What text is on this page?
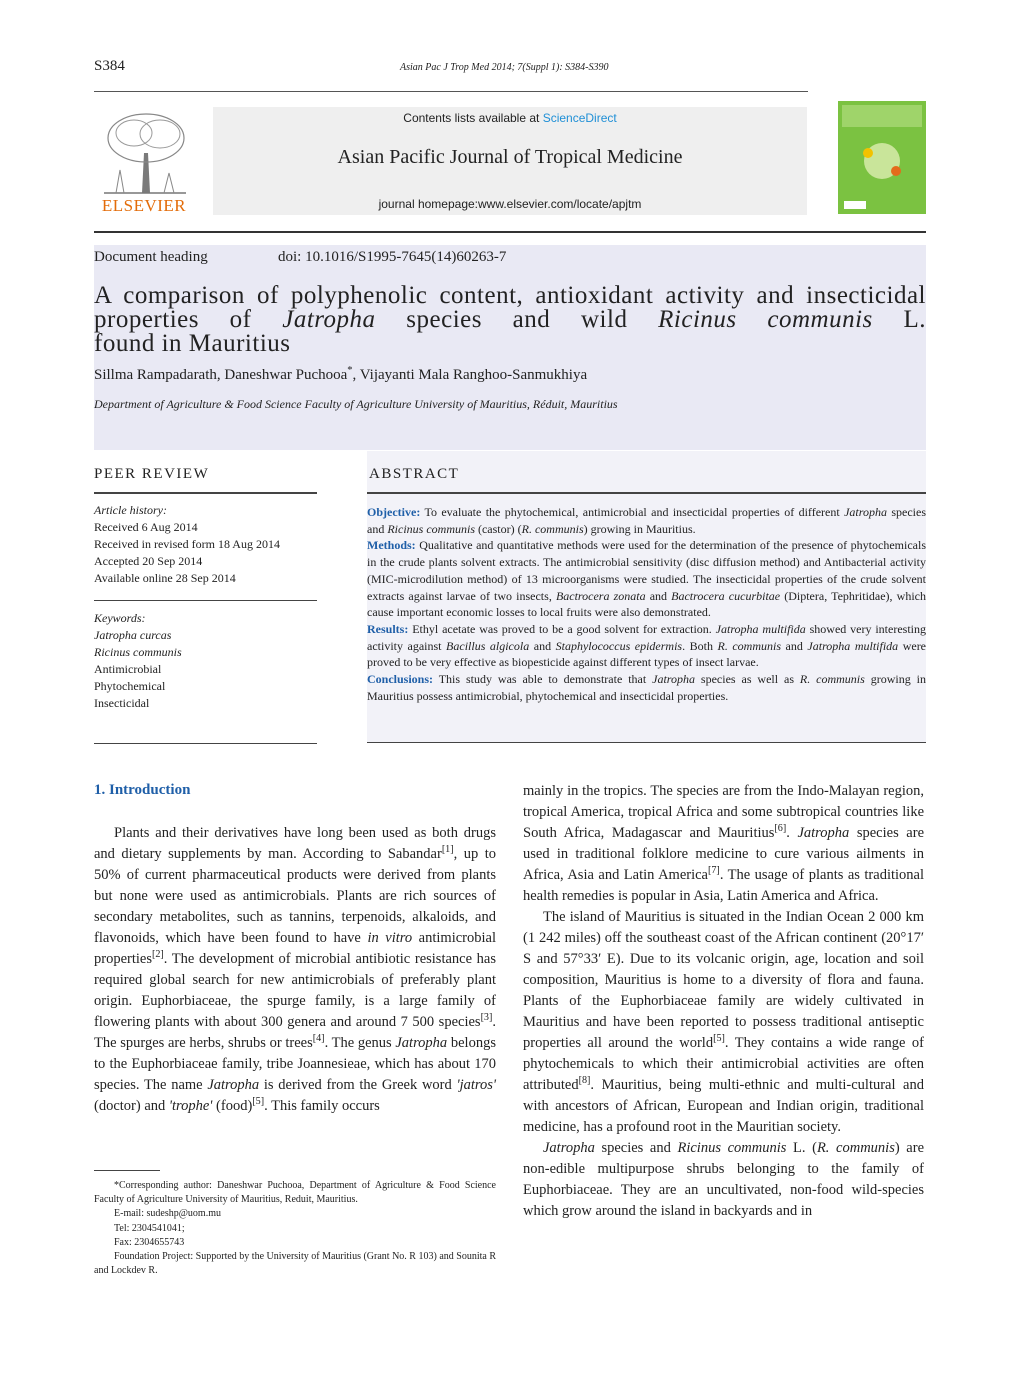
S384	Asian Pac J Trop Med 2014; 7(Suppl 1): S384-S390
ELSEVIER
Contents lists available at ScienceDirect
Asian Pacific Journal of Tropical Medicine
journal homepage:www.elsevier.com/locate/apjtm
Document heading	doi: 10.1016/S1995-7645(14)60263-7
A comparison of polyphenolic content, antioxidant activity and insecticidal properties of Jatropha species and wild Ricinus communis L.
found in Mauritius
Sillma Rampadarath, Daneshwar Puchooa*, Vijayanti Mala Ranghoo-Sanmukhiya
Department of Agriculture & Food Science Faculty of Agriculture University of Mauritius, Réduit, Mauritius
PEER REVIEW
Article history:
Received 6 Aug 2014
Received in revised form 18 Aug 2014
Accepted 20 Sep 2014
Available online 28 Sep 2014
Keywords:
Jatropha curcas
Ricinus communis
Antimicrobial
Phytochemical
Insecticidal
ABSTRACT

Objective: To evaluate the phytochemical, antimicrobial and insecticidal properties of different Jatropha species and Ricinus communis (castor) (R. communis) growing in Mauritius.

Methods: Qualitative and quantitative methods were used for the determination of the presence of phytochemicals in the crude plants solvent extracts. The antimicrobial sensitivity (disc diffusion method) and Antibacterial activity (MIC-microdilution method) of 13 microorganisms were studied. The insecticidal properties of the crude solvent extracts against larvae of two insects, Bactrocera zonata and Bactrocera cucurbitae (Diptera, Tephritidae), which cause important economic losses to local fruits were also demonstrated.

Results: Ethyl acetate was proved to be a good solvent for extraction. Jatropha multifida showed very interesting activity against Bacillus algicola and Staphylococcus epidermis. Both R. communis and Jatropha multifida were proved to be very effective as biopesticide against different types of insect larvae.

Conclusions: This study was able to demonstrate that Jatropha species as well as R. communis growing in Mauritius possess antimicrobial, phytochemical and insecticidal properties.

1. Introduction

Plants and their derivatives have long been used as both drugs and dietary supplements by man. According to Sabandar[1], up to 50% of current pharmaceutical products were derived from plants but none were used as antimicrobials. Plants are rich sources of secondary metabolites, such as tannins, terpenoids, alkaloids, and flavonoids, which have been found to have in vitro antimicrobial properties[2]. The development of microbial antibiotic resistance has required global search for new antimicrobials of preferably plant origin. Euphorbiaceae, the spurge family, is a large family of flowering plants with about 300 genera and around 7 500 species[3]. The spurges are herbs, shrubs or trees[4]. The genus Jatropha belongs to the Euphorbiaceae family, tribe Joannesieae, which has about 170 species. The name Jatropha is derived from the Greek word 'jatros' (doctor) and 'trophe' (food)[5]. This family occurs

*Corresponding author: Daneshwar Puchooa, Department of Agriculture & Food Science Faculty of Agriculture University of Mauritius, Reduit, Mauritius.
E-mail: sudeshp@uom.mu
Tel: 2304541041;
Fax: 2304655743
Foundation Project: Supported by the University of Mauritius (Grant No. R 103) and Sounita R and Lockdev R.

mainly in the tropics. The species are from the Indo-Malayan region, tropical America, tropical Africa and some subtropical countries like South Africa, Madagascar and Mauritius[6]. Jatropha species are used in traditional folklore medicine to cure various ailments in Africa, Asia and Latin America[7]. The usage of plants as traditional health remedies is popular in Asia, Latin America and Africa.

The island of Mauritius is situated in the Indian Ocean 2 000 km (1 242 miles) off the southeast coast of the African continent (20°17′ S and 57°33′ E). Due to its volcanic origin, age, location and soil composition, Mauritius is home to a diversity of flora and fauna. Plants of the Euphorbiaceae family are widely cultivated in Mauritius and have been reported to possess traditional antiseptic properties all around the world[5]. They contains a wide range of phytochemicals to which their antimicrobial activities are often attributed[8]. Mauritius, being multi-ethnic and multi-cultural and with ancestors of African, European and Indian origin, traditional medicine, has a profound root in the Mauritian society.

Jatropha species and Ricinus communis L. (R. communis) are non-edible multipurpose shrubs belonging to the family of Euphorbiaceae. They are an uncultivated, non-food wild-species which grow around the island in backyards and in
